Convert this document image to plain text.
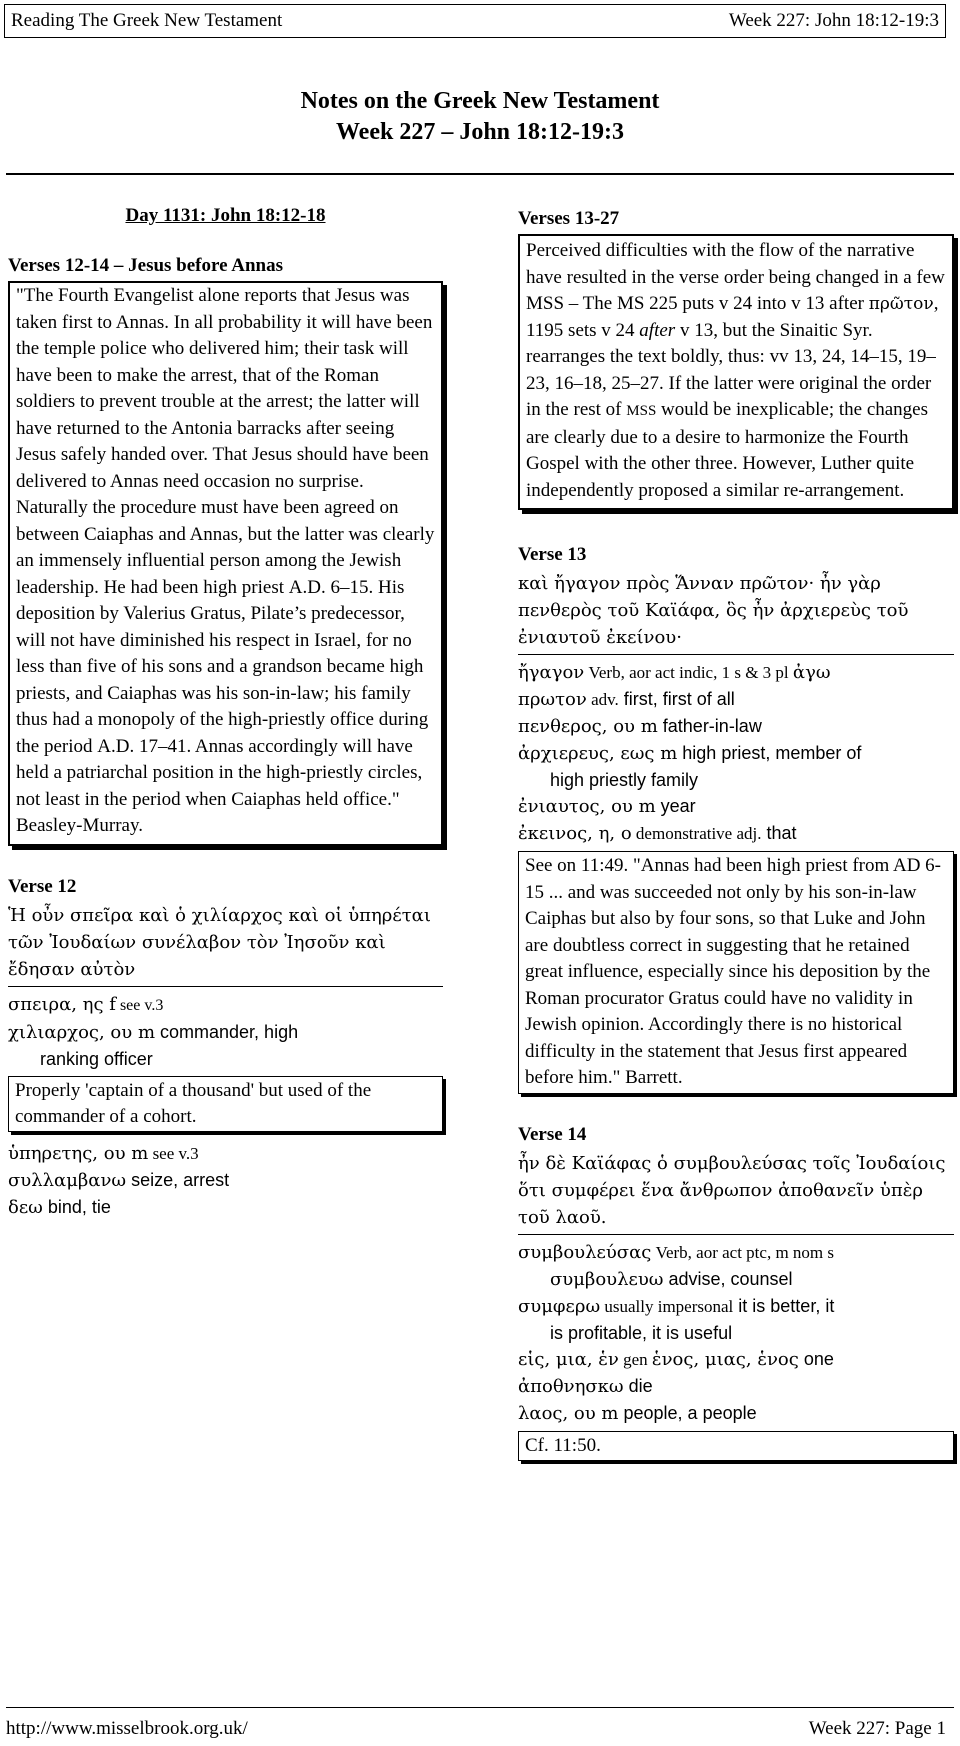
Reading The Greek New Testament	Week 227: John 18:12-19:3
Notes on the Greek New Testament
Week 227 – John 18:12-19:3
Day 1131: John 18:12-18
Verses 12-14 – Jesus before Annas
"The Fourth Evangelist alone reports that Jesus was taken first to Annas. In all probability it will have been the temple police who delivered him; their task will have been to make the arrest, that of the Roman soldiers to prevent trouble at the arrest; the latter will have returned to the Antonia barracks after seeing Jesus safely handed over. That Jesus should have been delivered to Annas need occasion no surprise. Naturally the procedure must have been agreed on between Caiaphas and Annas, but the latter was clearly an immensely influential person among the Jewish leadership. He had been high priest A.D. 6–15. His deposition by Valerius Gratus, Pilate’s predecessor, will not have diminished his respect in Israel, for no less than five of his sons and a grandson became high priests, and Caiaphas was his son-in-law; his family thus had a monopoly of the high-priestly office during the period A.D. 17–41. Annas accordingly will have held a patriarchal position in the high-priestly circles, not least in the period when Caiaphas held office." Beasley-Murray.
Verse 12
Ἡ οὖν σπεῖρα καὶ ὁ χιλίαρχος καὶ οἱ ὑπηρέται τῶν Ἰουδαίων συνέλαβον τὸν Ἰησοῦν καὶ ἔδησαν αὐτὸν
σπειρα, ης f see v.3
χιλιαρχος, ου m commander, high
ranking officer
Properly 'captain of a thousand' but used of the commander of a cohort.
ὑπηρετης, ου m see v.3
συλλαμβανω seize, arrest
δεω bind, tie
Verses 13-27
Perceived difficulties with the flow of the narrative have resulted in the verse order being changed in a few MSS – The MS 225 puts v 24 into v 13 after πρῶτον, 1195 sets v 24 after v 13, but the Sinaitic Syr. rearranges the text boldly, thus: vv 13, 24, 14–15, 19–23, 16–18, 25–27. If the latter were original the order in the rest of MSS would be inexplicable; the changes are clearly due to a desire to harmonize the Fourth Gospel with the other three. However, Luther quite independently proposed a similar re-arrangement.
Verse 13
καὶ ἤγαγον πρὸς Ἅνναν πρῶτον· ἦν γὰρ πενθερὸς τοῦ Καϊάφα, ὃς ἦν ἀρχιερεὺς τοῦ ἐνιαυτοῦ ἐκείνου·
ἤγαγον Verb, aor act indic, 1 s & 3 pl ἀγω
πρωτον adv. first, first of all
πενθερος, ου m father-in-law
ἀρχιερευς, εως m high priest, member of
high priestly family
ἐνιαυτος, ου m year
ἐκεινος, η, ο demonstrative adj. that
See on 11:49. "Annas had been high priest from AD 6-15 ... and was succeeded not only by his son-in-law Caiphas but also by four sons, so that Luke and John are doubtless correct in suggesting that he retained great influence, especially since his deposition by the Roman procurator Gratus could have no validity in Jewish opinion. Accordingly there is no historical difficulty in the statement that Jesus first appeared before him." Barrett.
Verse 14
ἦν δὲ Καϊάφας ὁ συμβουλεύσας τοῖς Ἰουδαίοις ὅτι συμφέρει ἕνα ἄνθρωπον ἀποθανεῖν ὑπὲρ τοῦ λαοῦ.
συμβουλεύσας Verb, aor act ptc, m nom s
συμβουλευω advise, counsel
συμφερω usually impersonal it is better, it
is profitable, it is useful
εἱς, μια, ἑν gen ἑνος, μιας, ἑνος one
ἀποθνησκω die
λαος, ου m people, a people
Cf. 11:50.
http://www.misselbrook.org.uk/	Week 227: Page 1
